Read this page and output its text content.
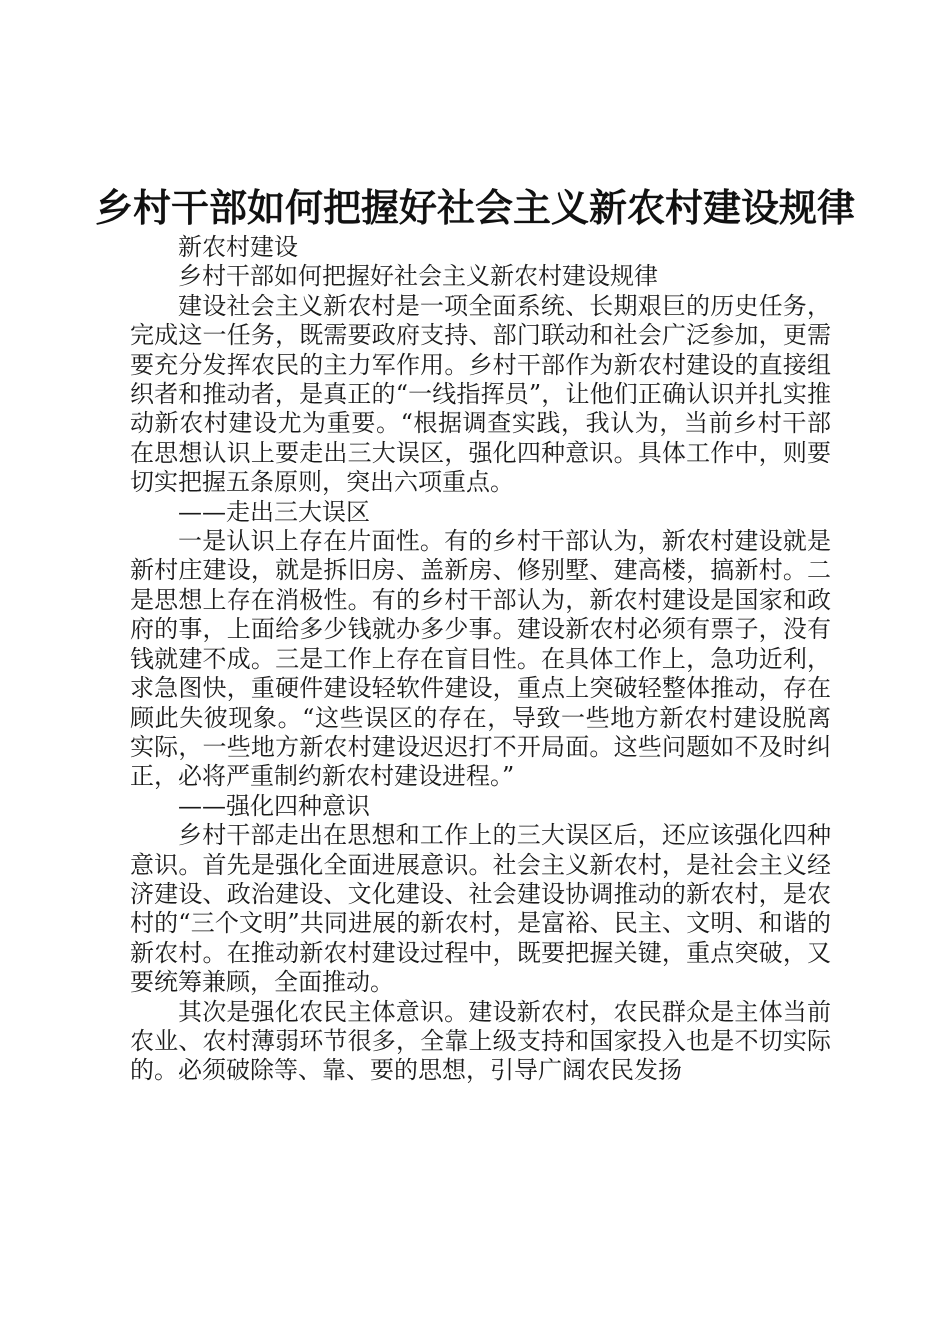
乡村干部如何把握好社会主义新农村建设规律

新农村建设

乡村干部如何把握好社会主义新农村建设规律

建设社会主义新农村是一项全面系统、长期艰巨的历史任务，完成这一任务，既需要政府支持、部门联动和社会广泛参加，更需要充分发挥农民的主力军作用。乡村干部作为新农村建设的直接组织者和推动者，是真正的“一线指挥员”，让他们正确认识并扎实推动新农村建设尤为重要。“根据调查实践，我认为，当前乡村干部在思想认识上要走出三大误区，强化四种意识。具体工作中，则要切实把握五条原则，突出六项重点。

——走出三大误区

一是认识上存在片面性。有的乡村干部认为，新农村建设就是新村庄建设，就是拆旧房、盖新房、修别墅、建高楼，搞新村。二是思想上存在消极性。有的乡村干部认为，新农村建设是国家和政府的事，上面给多少钱就办多少事。建设新农村必须有票子，没有钱就建不成。三是工作上存在盲目性。在具体工作上，急功近利，求急图快，重硬件建设轻软件建设，重点上突破轻整体推动，存在顾此失彼现象。“这些误区的存在，导致一些地方新农村建设脱离实际，一些地方新农村建设迟迟打不开局面。这些问题如不及时纠正，必将严重制约新农村建设进程。”

——强化四种意识

乡村干部走出在思想和工作上的三大误区后，还应该强化四种意识。首先是强化全面进展意识。社会主义新农村，是社会主义经济建设、政治建设、文化建设、社会建设协调推动的新农村，是农村的“三个文明”共同进展的新农村，是富裕、民主、文明、和谐的新农村。在推动新农村建设过程中，既要把握关键，重点突破，又要统筹兼顾，全面推动。

其次是强化农民主体意识。建设新农村，农民群众是主体当前农业、农村薄弱环节很多，全靠上级支持和国家投入也是不切实际的。必须破除等、靠、要的思想，引导广阔农民发扬
